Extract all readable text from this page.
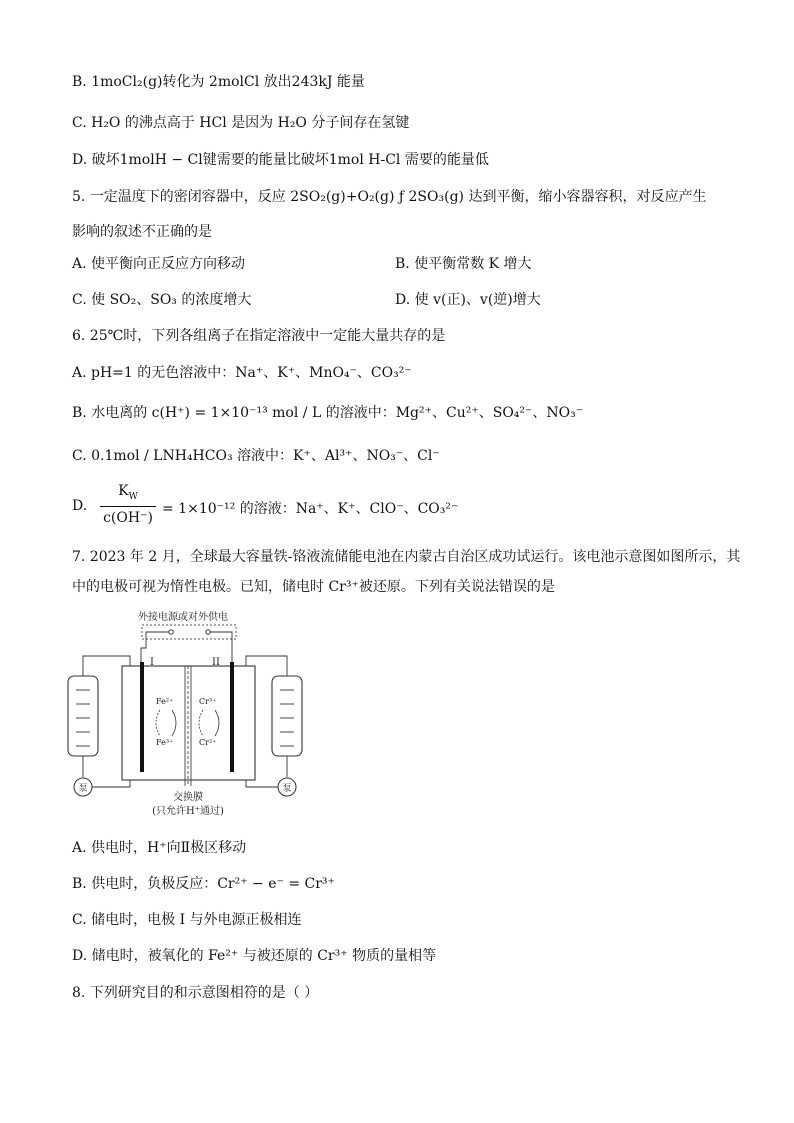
B. 1moCl₂(g)转化为 2molCl 放出243kJ 能量
C. H₂O 的沸点高于 HCl 是因为 H₂O 分子间存在氢键
D. 破坏1molH − Cl键需要的能量比破坏1mol H-Cl 需要的能量低
5. 一定温度下的密闭容器中，反应 2SO₂(g)+O₂(g) ƒ 2SO₃(g) 达到平衡，缩小容器容积，对反应产生
影响的叙述不正确的是
A. 使平衡向正反应方向移动	B. 使平衡常数 K 增大
C. 使 SO₂、SO₃ 的浓度增大	D. 使 v(正)、v(逆)增大
6. 25℃时，下列各组离子在指定溶液中一定能大量共存的是
A. pH=1 的无色溶液中：Na⁺、K⁺、MnO₄⁻、CO₃²⁻
B. 水电离的 c(H⁺) = 1×10⁻¹³ mol / L 的溶液中：Mg²⁺、Cu²⁺、SO₄²⁻、NO₃⁻
C. 0.1mol / LNH₄HCO₃ 溶液中：K⁺、Al³⁺、NO₃⁻、Cl⁻
D.
$K_W$
c(OH⁻)
= 1×10⁻¹² 的溶液：Na⁺、K⁺、ClO⁻、CO₃²⁻
7. 2023 年 2 月，全球最大容量铁-铬液流储能电池在内蒙古自治区成功试运行。该电池示意图如图所示，其
中的电极可视为惰性电极。已知，储电时 Cr³⁺被还原。下列有关说法错误的是
外接电源或对外供电
I	II
Fe²⁺
Fe³⁺
Cr³⁺
Cr²⁺
泵	泵
交换膜
(只允许H⁺通过)
A. 供电时，H⁺向Ⅱ极区移动
B. 供电时，负极反应：Cr²⁺ − e⁻ = Cr³⁺
C. 储电时，电极 I 与外电源正极相连
D. 储电时，被氧化的 Fe²⁺ 与被还原的 Cr³⁺ 物质的量相等
8. 下列研究目的和示意图相符的是（ ）
